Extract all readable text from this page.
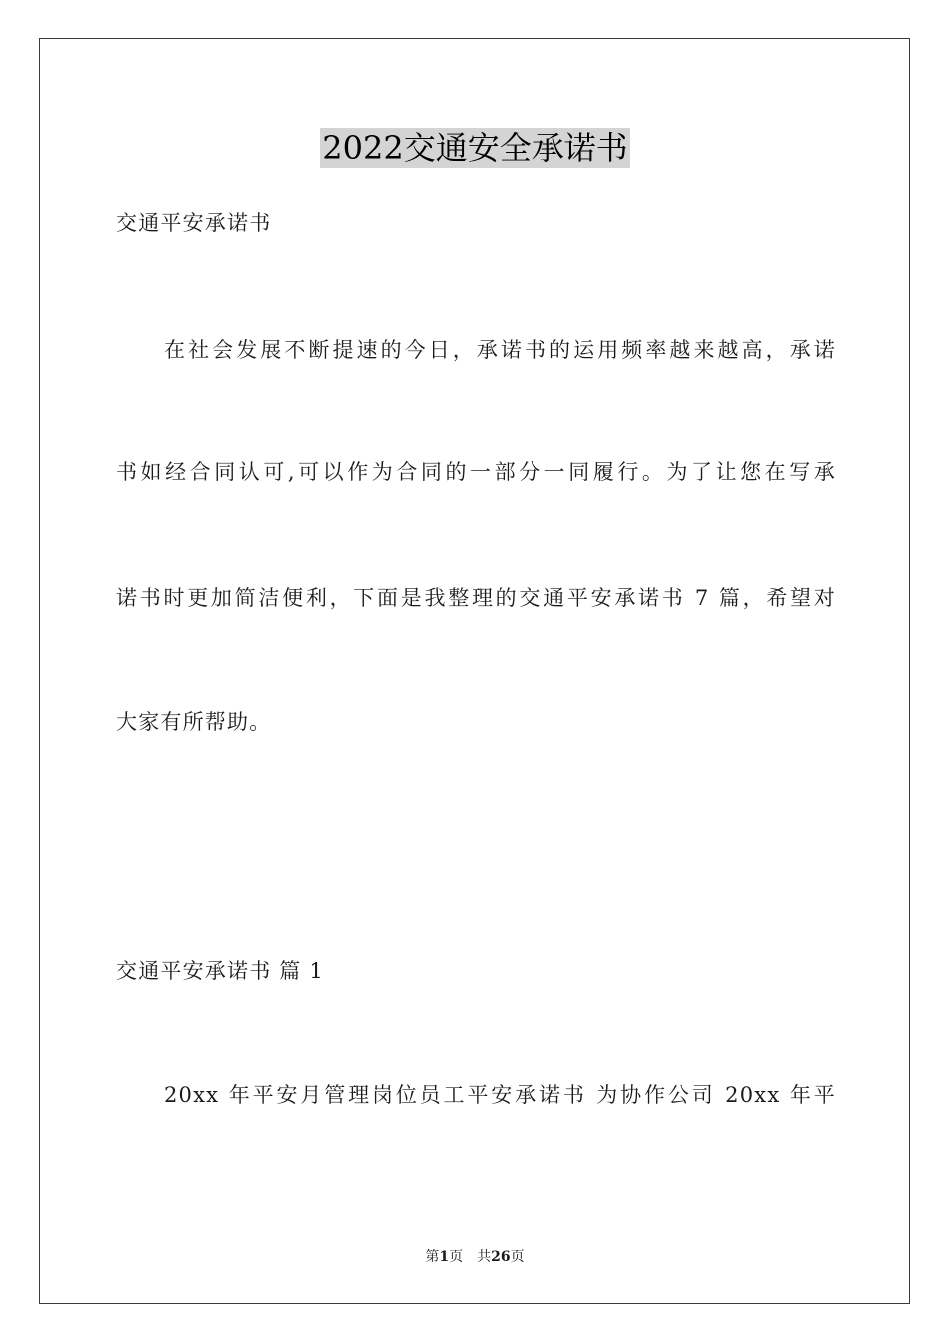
2022交通安全承诺书

交通平安承诺书

在社会发展不断提速的今日，承诺书的运用频率越来越高，承诺

书如经合同认可,可以作为合同的一部分一同履行。为了让您在写承

诺书时更加简洁便利，下面是我整理的交通平安承诺书 7 篇，希望对

大家有所帮助。

交通平安承诺书 篇 1

20xx 年平安月管理岗位员工平安承诺书 为协作公司 20xx 年平

第1页 共26页
